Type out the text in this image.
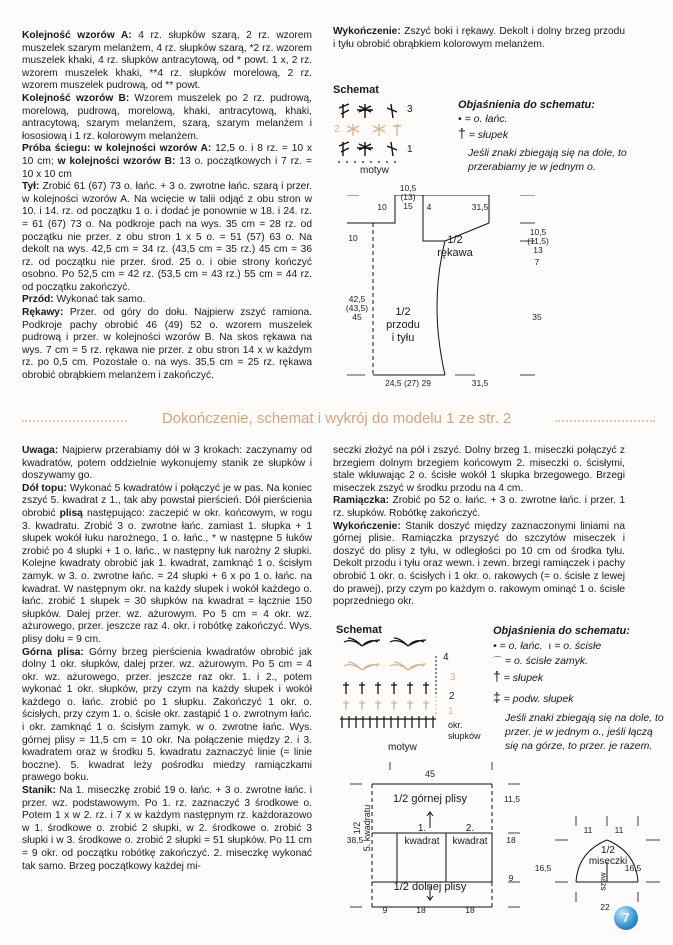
Kolejność wzorów A: 4 rz. słupków szarą, 2 rz. wzorem muszelek szarym melanżem, 4 rz. słupków szarą, *2 rz. wzorem muszelek khaki, 4 rz. słupków antracytową, od * powt. 1 x, 2 rz. wzorem muszelek khaki, **4 rz. słupków morelową, 2 rz. wzorem muszelek pudrową, od ** powt.

Kolejność wzorów B: Wzorem muszelek po 2 rz. pudrową, morelową, pudrową, morelową, khaki, antracytową, khaki, antracytową, szarym melanżem, szarą, szarym melanżem i łososiową i 1 rz. kolorowym melanżem.

Próba ściegu: w kolejności wzorów A: 12,5 o. i 8 rz. = 10 x 10 cm; w kolejności wzorów B: 13 o. początkowych i 7 rz. = 10 x 10 cm

Tył: Zrobić 61 (67) 73 o. łańc. + 3 o. zwrotne łańc. szarą i przer. w kolejności wzorów A. Na wcięcie w talii odjąć z obu stron w 10. i 14. rz. od początku 1 o. i dodać je ponownie w 18. i 24. rz. = 61 (67) 73 o. Na podkroje pach na wys. 35 cm = 28 rz. od początku nie przer. z obu stron 1 x 5 o. = 51 (57) 63 o. Na dekolt na wys. 42,5 cm = 34 rz. (43,5 cm = 35 rz.) 45 cm = 36 rz. od początku nie przer. środ. 25 o. i obie strony kończyć osobno. Po 52,5 cm = 42 rz. (53,5 cm = 43 rz.) 55 cm = 44 rz. od początku zakończyć.

Przód: Wykonać tak samo.

Rękawy: Przer. od góry do dołu. Najpierw zszyć ramiona. Podkroje pachy obrobić 46 (49) 52 o. wzorem muszelek pudrową i przer. w kolejności wzorów B. Na skos rękawa na wys. 7 cm = 5 rz. rękawa nie przer. z obu stron 14 x w każdym rz. po 0,5 cm. Pozostałe o. na wys. 35,5 cm = 25 rz. rękawa obrobić obrąbkiem melanżem i zakończyć.

Wykończenie: Zszyć boki i rękawy. Dekolt i dolny brzeg przodu i tyłu obrobić obrąbkiem kolorowym melanżem.

Schemat
3
2
1
motyw
Objaśnienia do schematu:
• = o. łańc.
† = słupek
Jeśli znaki zbiegają się na dole, to przerabiamy je w jednym o.
1/2
przodu
i tyłu
1/2
rękawa
10
10,5
(13)
15	4	31,5
10
42,5
(43,5)
45
10,5
(11,5)
13
7
35
24,5 (27) 29	31,5
Dokończenie, schemat i wykrój do modelu 1 ze str. 2

Uwaga: Najpierw przerabiamy dół w 3 krokach: zaczynamy od kwadratów, potem oddzielnie wykonujemy stanik ze słupków i doszywamy go.

Dół topu: Wykonać 5 kwadratów i połączyć je w pas. Na koniec zszyć 5. kwadrat z 1., tak aby powstał pierścień. Dół pierścienia obrobić plisą następująco: zaczepić w okr. końcowym, w rogu 3. kwadratu. Zrobić 3 o. zwrotne łańc. zamiast 1. słupka + 1 słupek wokół łuku narożnego, 1 o. łańc., * w następne 5 łuków zrobić po 4 słupki + 1 o. łańc., w następny łuk narożny 2 słupki. Kolejne kwadraty obrobić jak 1. kwadrat, zamknąć 1 o. ścisłym zamyk. w 3. o. zwrotne łańc. = 24 słupki + 6 x po 1 o. łańc. na kwadrat. W następnym okr. na każdy słupek i wokół każdego o. łańc. zrobić 1 słupek = 30 słupków na kwadrat = łącznie 150 słupków. Dalej przer. wz. ażurowym. Po 5 cm = 4 okr. wz. ażurowego, przer. jeszcze raz 4. okr. i robótkę zakończyć. Wys. plisy dołu = 9 cm.

Górna plisa: Górny brzeg pierścienia kwadratów obrobić jak dolny 1 okr. słupków, dalej przer. wz. ażurowym. Po 5 cm = 4 okr. wz. ażurowego, przer. jeszcze raz okr. 1. i 2., potem wykonać 1 okr. słupków, przy czym na każdy słupek i wokół każdego o. łańc. zrobić po 1 słupku. Zakończyć 1 okr. o. ścisłych, przy czym 1. o. ścisłe okr. zastąpić 1 o. zwrotnym łańc. i okr. zamknąć 1 o. ścisłym zamyk. w o. zwrotne łańc. Wys. górnej plisy = 11,5 cm = 10 okr. Na połączenie między 2. i 3. kwadratem oraz w środku 5. kwadratu zaznaczyć linie (= linie boczne). 5. kwadrat leży pośrodku miedzy ramiączkami prawego boku.

Stanik: Na 1. miseczkę zrobić 19 o. łańc. + 3 o. zwrotne łańc. i przer. wz. podstawowym. Po 1. rz. zaznaczyć 3 środkowe o. Potem 1 x w 2. rz. i 7 x w każdym następnym rz. każdorazowo w 1. środkowe o. zrobić 2 słupki, w 2. środkowe o. zrobić 3 słupki i w 3. środkowe o. zrobić 2 słupki = 51 słupków. Po 11 cm = 9 okr. od początku robótkę zakończyć. 2. miseczkę wykonać tak samo. Brzeg początkowy każdej mi-

seczki złożyć na pół i zszyć. Dolny brzeg 1. miseczki połączyć z brzegiem dolnym brzegiem końcowym 2. miseczki o. ścisłymi, stale wkłuwając 2 o. ścisłe wokół 1 słupka brzegowego. Brzegi miseczek zszyć w środku przodu na 4 cm.

Ramiączka: Zrobić po 52 o. łańc. + 3 o. zwrotne łańc. i przer. 1 rz. słupków. Robótkę zakończyć.

Wykończenie: Stanik doszyć między zaznaczonymi liniami na górnej plisie. Ramiączka przyszyć do szczytów miseczek i doszyć do plisy z tyłu, w odległości po 10 cm od środka tyłu. Dekolt przodu i tyłu oraz wewn. i zewn. brzegi ramiączek i pachy obrobić 1 okr. o. ścisłych i 1 okr. o. rakowych (= o. ścisłe z lewej do prawej), przy czym po każdym o. rakowym ominąć 1 o. ścisłe poprzedniego okr.

Schemat
4
3
2
1
okr.
słupków
motyw
Objaśnienia do schematu:
• = o. łańc. ı = o. ścisłe
⌒ = o. ścisłe zamyk.
† = słupek
‡ = podw. słupek
Jeśli znaki zbiegają się na dole, to przer. je w jednym o., jeśli łączą się na górze, to przer. je razem.
45
1/2 górnej plisy
1/2 dolnej plisy
1/2 5. kwadratu	1.
kwadrat
2.
kwadrat
11,5
18
9
38,5
9	18	18
1/2
miseczki
szew
11	11
16,5	16,5
22
7
